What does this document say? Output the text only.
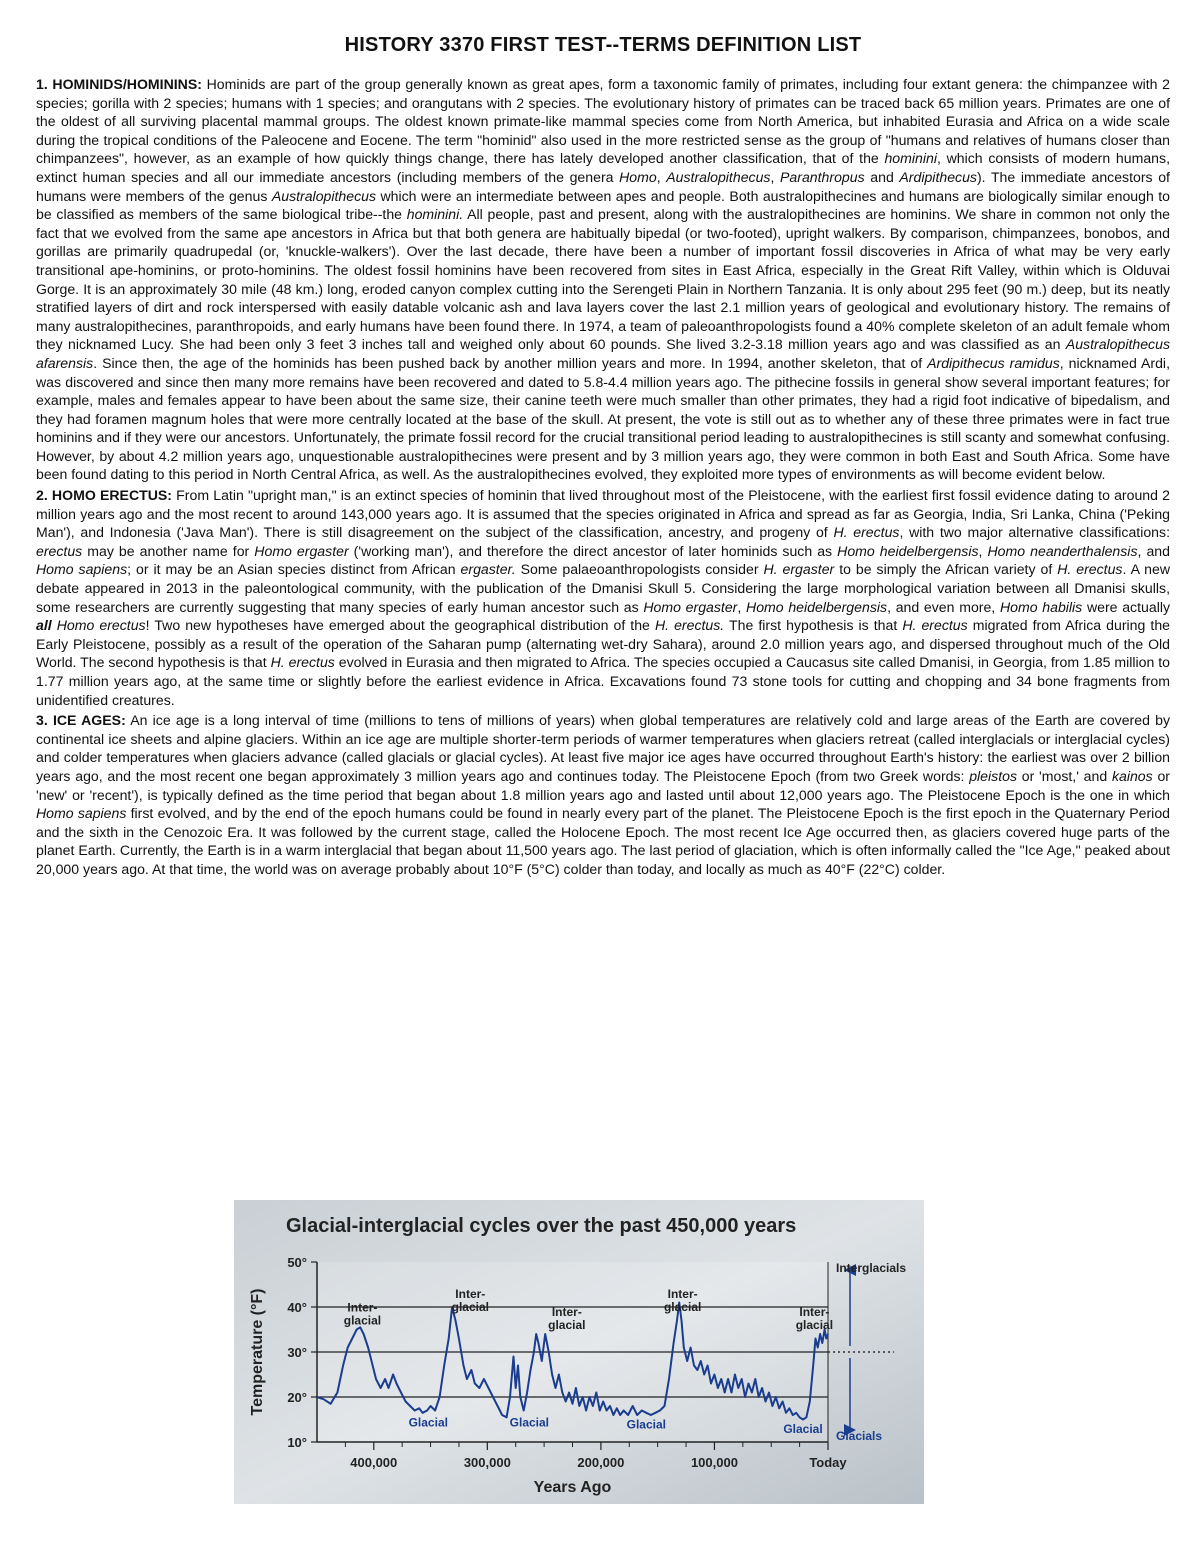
HISTORY 3370 FIRST TEST--TERMS DEFINITION LIST

1. HOMINIDS/HOMININS: Hominids are part of the group generally known as great apes, form a taxonomic family of primates, including four extant genera: the chimpanzee with 2 species; gorilla with 2 species; humans with 1 species; and orangutans with 2 species. The evolutionary history of primates can be traced back 65 million years. Primates are one of the oldest of all surviving placental mammal groups. The oldest known primate-like mammal species come from North America, but inhabited Eurasia and Africa on a wide scale during the tropical conditions of the Paleocene and Eocene. The term "hominid" also used in the more restricted sense as the group of "humans and relatives of humans closer than chimpanzees", however, as an example of how quickly things change, there has lately developed another classification, that of the hominini, which consists of modern humans, extinct human species and all our immediate ancestors (including members of the genera Homo, Australopithecus, Paranthropus and Ardipithecus). The immediate ancestors of humans were members of the genus Australopithecus which were an intermediate between apes and people. Both australopithecines and humans are biologically similar enough to be classified as members of the same biological tribe--the hominini. All people, past and present, along with the australopithecines are hominins. We share in common not only the fact that we evolved from the same ape ancestors in Africa but that both genera are habitually bipedal (or two-footed), upright walkers. By comparison, chimpanzees, bonobos, and gorillas are primarily quadrupedal (or, 'knuckle-walkers'). Over the last decade, there have been a number of important fossil discoveries in Africa of what may be very early transitional ape-hominins, or proto-hominins. The oldest fossil hominins have been recovered from sites in East Africa, especially in the Great Rift Valley, within which is Olduvai Gorge. It is an approximately 30 mile (48 km.) long, eroded canyon complex cutting into the Serengeti Plain in Northern Tanzania. It is only about 295 feet (90 m.) deep, but its neatly stratified layers of dirt and rock interspersed with easily datable volcanic ash and lava layers cover the last 2.1 million years of geological and evolutionary history. The remains of many australopithecines, paranthropoids, and early humans have been found there. In 1974, a team of paleoanthropologists found a 40% complete skeleton of an adult female whom they nicknamed Lucy. She had been only 3 feet 3 inches tall and weighed only about 60 pounds. She lived 3.2-3.18 million years ago and was classified as an Australopithecus afarensis. Since then, the age of the hominids has been pushed back by another million years and more. In 1994, another skeleton, that of Ardipithecus ramidus, nicknamed Ardi, was discovered and since then many more remains have been recovered and dated to 5.8-4.4 million years ago. The pithecine fossils in general show several important features; for example, males and females appear to have been about the same size, their canine teeth were much smaller than other primates, they had a rigid foot indicative of bipedalism, and they had foramen magnum holes that were more centrally located at the base of the skull. At present, the vote is still out as to whether any of these three primates were in fact true hominins and if they were our ancestors. Unfortunately, the primate fossil record for the crucial transitional period leading to australopithecines is still scanty and somewhat confusing. However, by about 4.2 million years ago, unquestionable australopithecines were present and by 3 million years ago, they were common in both East and South Africa. Some have been found dating to this period in North Central Africa, as well. As the australopithecines evolved, they exploited more types of environments as will become evident below.

2. HOMO ERECTUS: From Latin "upright man," is an extinct species of hominin that lived throughout most of the Pleistocene, with the earliest first fossil evidence dating to around 2 million years ago and the most recent to around 143,000 years ago. It is assumed that the species originated in Africa and spread as far as Georgia, India, Sri Lanka, China ('Peking Man'), and Indonesia ('Java Man'). There is still disagreement on the subject of the classification, ancestry, and progeny of H. erectus, with two major alternative classifications: erectus may be another name for Homo ergaster ('working man'), and therefore the direct ancestor of later hominids such as Homo heidelbergensis, Homo neanderthalensis, and Homo sapiens; or it may be an Asian species distinct from African ergaster. Some palaeoanthropologists consider H. ergaster to be simply the African variety of H. erectus. A new debate appeared in 2013 in the paleontological community, with the publication of the Dmanisi Skull 5. Considering the large morphological variation between all Dmanisi skulls, some researchers are currently suggesting that many species of early human ancestor such as Homo ergaster, Homo heidelbergensis, and even more, Homo habilis were actually all Homo erectus! Two new hypotheses have emerged about the geographical distribution of the H. erectus. The first hypothesis is that H. erectus migrated from Africa during the Early Pleistocene, possibly as a result of the operation of the Saharan pump (alternating wet-dry Sahara), around 2.0 million years ago, and dispersed throughout much of the Old World. The second hypothesis is that H. erectus evolved in Eurasia and then migrated to Africa. The species occupied a Caucasus site called Dmanisi, in Georgia, from 1.85 million to 1.77 million years ago, at the same time or slightly before the earliest evidence in Africa. Excavations found 73 stone tools for cutting and chopping and 34 bone fragments from unidentified creatures.

3. ICE AGES: An ice age is a long interval of time (millions to tens of millions of years) when global temperatures are relatively cold and large areas of the Earth are covered by continental ice sheets and alpine glaciers. Within an ice age are multiple shorter-term periods of warmer temperatures when glaciers retreat (called interglacials or interglacial cycles) and colder temperatures when glaciers advance (called glacials or glacial cycles). At least five major ice ages have occurred throughout Earth's history: the earliest was over 2 billion years ago, and the most recent one began approximately 3 million years ago and continues today. The Pleistocene Epoch (from two Greek words: pleistos or 'most,' and kainos or 'new' or 'recent'), is typically defined as the time period that began about 1.8 million years ago and lasted until about 12,000 years ago. The Pleistocene Epoch is the one in which Homo sapiens first evolved, and by the end of the epoch humans could be found in nearly every part of the planet. The Pleistocene Epoch is the first epoch in the Quaternary Period and the sixth in the Cenozoic Era. It was followed by the current stage, called the Holocene Epoch. The most recent Ice Age occurred then, as glaciers covered huge parts of the planet Earth. Currently, the Earth is in a warm interglacial that began about 11,500 years ago. The last period of glaciation, which is often informally called the "Ice Age," peaked about 20,000 years ago. At that time, the world was on average probably about 10°F (5°C) colder than today, and locally as much as 40°F (22°C) colder.

Glacial-interglacial cycles over the past 450,000 years
50°
40°
30°
20°
10°
400,000	300,000	200,000	100,000	Today
Years Ago
Temperature (°F)	Inter-glacial
Inter-glacial	Inter-glacial
Inter-glacial	Inter-glacial
Glacial	Glacial	Glacial	Glacial
Interglacials
Glacials
